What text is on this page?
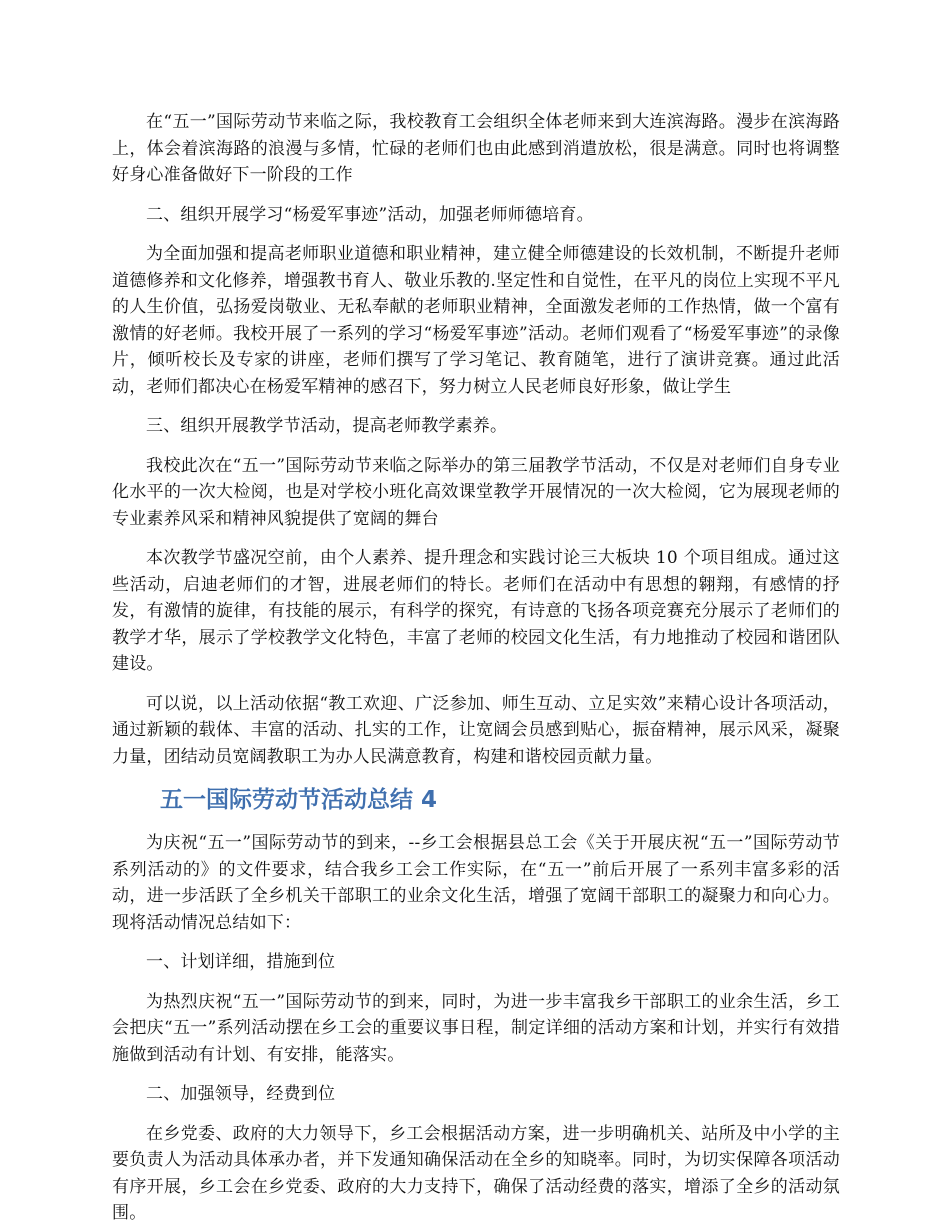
在“五一”国际劳动节来临之际，我校教育工会组织全体老师来到大连滨海路。漫步在滨海路上，体会着滨海路的浪漫与多情，忙碌的老师们也由此感到消遣放松，很是满意。同时也将调整好身心准备做好下一阶段的工作

二、组织开展学习“杨爱军事迹”活动，加强老师师德培育。

为全面加强和提高老师职业道德和职业精神，建立健全师德建设的长效机制，不断提升老师道德修养和文化修养，增强教书育人、敬业乐教的.坚定性和自觉性，在平凡的岗位上实现不平凡的人生价值，弘扬爱岗敬业、无私奉献的老师职业精神，全面激发老师的工作热情，做一个富有激情的好老师。我校开展了一系列的学习“杨爱军事迹”活动。老师们观看了“杨爱军事迹”的录像片，倾听校长及专家的讲座，老师们撰写了学习笔记、教育随笔，进行了演讲竞赛。通过此活动，老师们都决心在杨爱军精神的感召下，努力树立人民老师良好形象，做让学生

三、组织开展教学节活动，提高老师教学素养。

我校此次在“五一”国际劳动节来临之际举办的第三届教学节活动，不仅是对老师们自身专业化水平的一次大检阅，也是对学校小班化高效课堂教学开展情况的一次大检阅，它为展现老师的专业素养风采和精神风貌提供了宽阔的舞台

本次教学节盛况空前，由个人素养、提升理念和实践讨论三大板块 10 个项目组成。通过这些活动，启迪老师们的才智，进展老师们的特长。老师们在活动中有思想的翱翔，有感情的抒发，有激情的旋律，有技能的展示，有科学的探究，有诗意的飞扬各项竞赛充分展示了老师们的教学才华，展示了学校教学文化特色，丰富了老师的校园文化生活，有力地推动了校园和谐团队建设。

可以说，以上活动依据“教工欢迎、广泛参加、师生互动、立足实效”来精心设计各项活动，通过新颖的载体、丰富的活动、扎实的工作，让宽阔会员感到贴心，振奋精神，展示风采，凝聚力量，团结动员宽阔教职工为办人民满意教育，构建和谐校园贡献力量。

五一国际劳动节活动总结 4

为庆祝“五一”国际劳动节的到来，--乡工会根据县总工会《关于开展庆祝“五一”国际劳动节系列活动的》的文件要求，结合我乡工会工作实际，在“五一”前后开展了一系列丰富多彩的活动，进一步活跃了全乡机关干部职工的业余文化生活，增强了宽阔干部职工的凝聚力和向心力。现将活动情况总结如下：

一、计划详细，措施到位

为热烈庆祝“五一”国际劳动节的到来，同时，为进一步丰富我乡干部职工的业余生活，乡工会把庆“五一”系列活动摆在乡工会的重要议事日程，制定详细的活动方案和计划，并实行有效措施做到活动有计划、有安排，能落实。

二、加强领导，经费到位

在乡党委、政府的大力领导下，乡工会根据活动方案，进一步明确机关、站所及中小学的主要负责人为活动具体承办者，并下发通知确保活动在全乡的知晓率。同时，为切实保障各项活动有序开展，乡工会在乡党委、政府的大力支持下，确保了活动经费的落实，增添了全乡的活动氛围。
